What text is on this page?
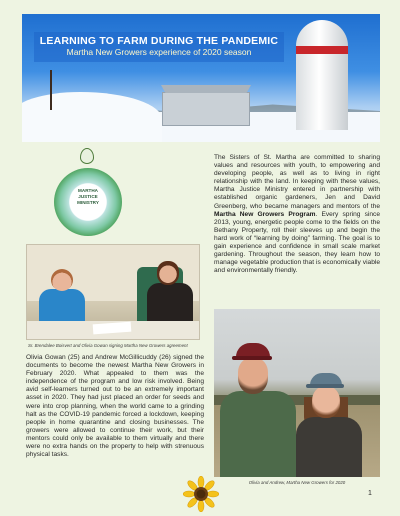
LEARNING TO FARM DURING THE PANDEMIC
Martha New Growers experience of 2020 season
MARTHA
JUSTICE
MINISTRY

The Sisters of St. Martha are committed to sharing values and resources with youth, to empowering and developing people, as well as to living in right relationship with the land. In keeping with these values, Martha Justice Ministry entered in partnership with established organic gardeners, Jen and David Greenberg, who became managers and mentors of the Martha New Growers Program. Every spring since 2013, young, energetic people come to the fields on the Bethany Property, roll their sleeves up and begin the hard work of “learning by doing” farming. The goal is to gain experience and confidence in small scale market gardening. Throughout the season, they learn how to manage vegetable production that is economically viable and environmentally friendly.

Sr. Brendalee Boisvert and Olivia Gowan signing Martha New Growers agreement

Olivia Gowan (25) and Andrew McGillicuddy (26) signed the documents to become the newest Martha New Growers in February 2020. What appealed to them was the independence of the program and low risk involved. Being avid self-learners turned out to be an extremely important asset in 2020. They had just placed an order for seeds and were into crop planning, when the world came to a grinding halt as the COVID-19 pandemic forced a lockdown, keeping people in home quarantine and closing businesses. The growers were allowed to continue their work, but their mentors could only be available to them virtually and there were no extra hands on the property to help with strenuous physical tasks.

Olivia and Andrew, Martha New Growers for 2020
1
